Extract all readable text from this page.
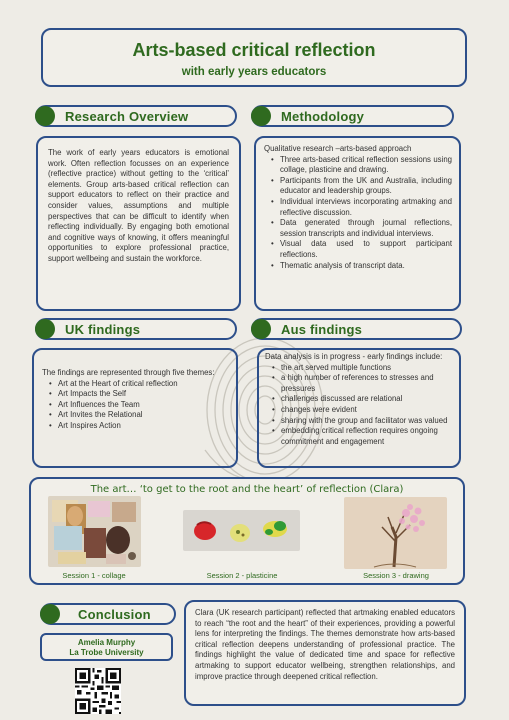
Arts-based critical reflection
with early years educators
Research Overview

The work of early years educators is emotional work. Often reflection focusses on an experience (reflective practice) without getting to the ‘critical’ elements. Group arts-based critical reflection can support educators to reflect on their practice and consider values, assumptions and multiple perspectives that can be difficult to identify when reflecting individually. By engaging both emotional and cognitive ways of knowing, it offers meaningful opportunities to explore professional practice, support wellbeing and sustain the workforce.

Methodology

Qualitative research –arts-based approach

• Three arts-based critical reflection sessions using collage, plasticine and drawing.
• Participants from the UK and Australia, including educator and leadership groups.
• Individual interviews incorporating artmaking and reflective discussion.
• Data generated through journal reflections, session transcripts and individual interviews.
• Visual data used to support participant reflections.
• Thematic analysis of transcript data.
UK findings

The findings are represented through five themes:

• Art at the Heart of critical reflection
• Art Impacts the Self
• Art Influences the Team
• Art Invites the Relational
• Art Inspires Action
Aus findings

Data analysis is in progress - early findings include:

• the art served multiple functions
• a high number of references to stresses and pressures
• challenges discussed are relational
• changes were evident
• sharing with the group and facilitator was valued
• embedding critical reflection requires ongoing commitment and engagement
The art… ‘to get to the root and the heart’ of reflection (Clara)
Session 1 - collage	Session 2 - plasticine	Session 3 - drawing
Conclusion
Amelia Murphy
La Trobe University

Clara (UK research participant) reflected that artmaking enabled educators to reach “the root and the heart” of their experiences, providing a powerful lens for interpreting the findings. The themes demonstrate how arts-based critical reflection deepens understanding of professional practice. The findings highlight the value of dedicated time and space for reflective artmaking to support educator wellbeing, strengthen relationships, and improve practice through deepened critical reflection.
